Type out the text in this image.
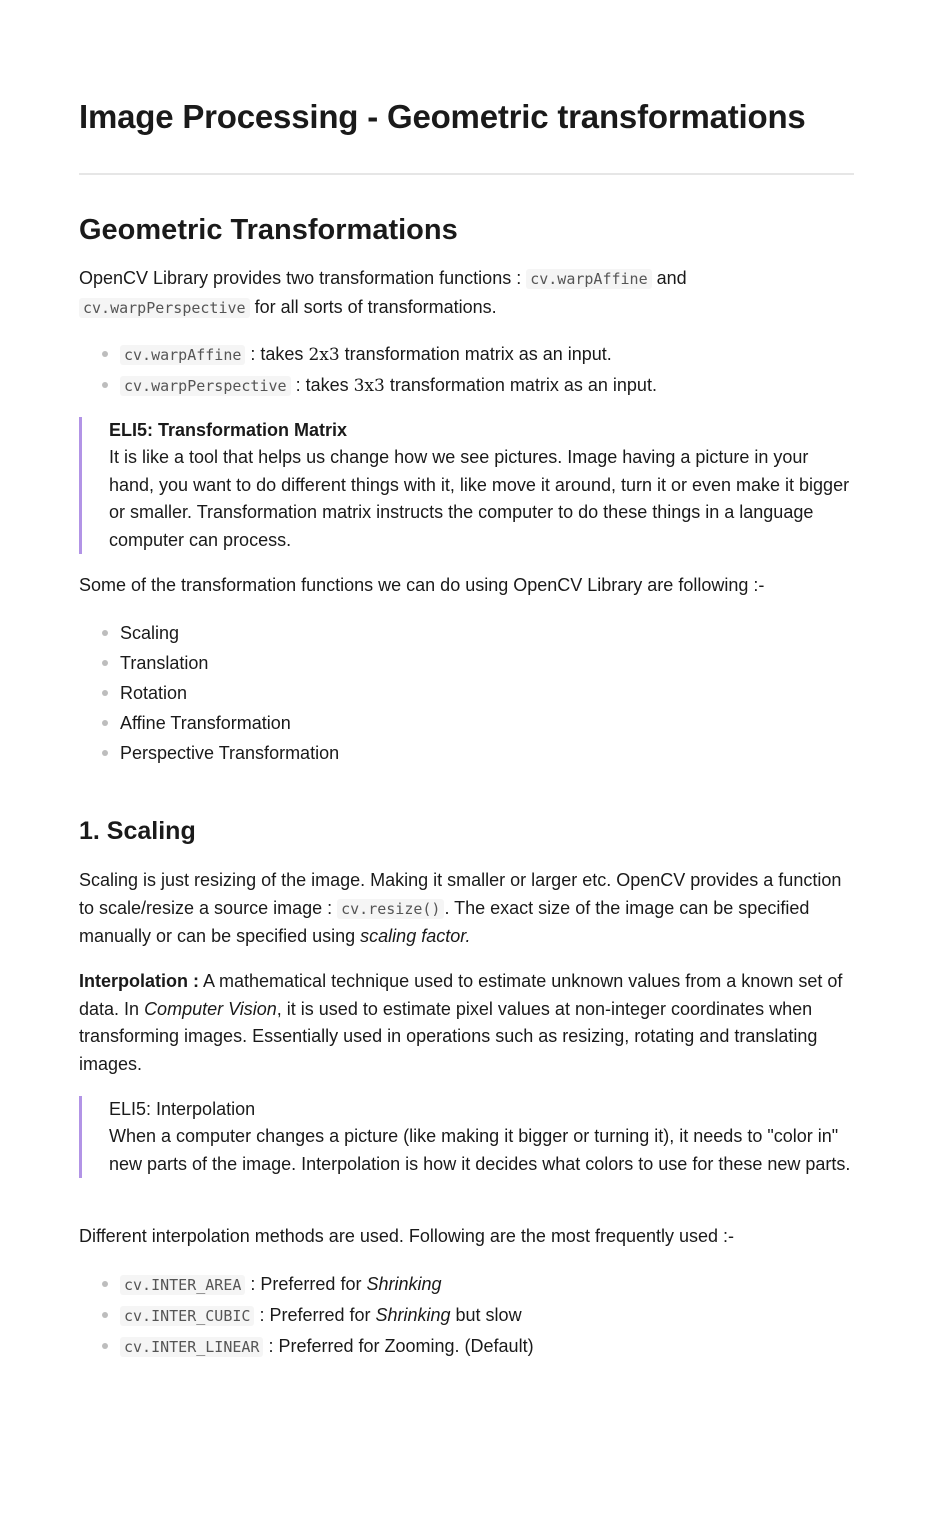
Image Processing - Geometric transformations
Geometric Transformations

OpenCV Library provides two transformation functions : cv.warpAffine and cv.warpPerspective for all sorts of transformations.

cv.warpAffine : takes 2x3 transformation matrix as an input.
cv.warpPerspective : takes 3x3 transformation matrix as an input.
ELI5: Transformation Matrix
It is like a tool that helps us change how we see pictures. Image having a picture in your hand, you want to do different things with it, like move it around, turn it or even make it bigger or smaller. Transformation matrix instructs the computer to do these things in a language computer can process.

Some of the transformation functions we can do using OpenCV Library are following :-

Scaling
Translation
Rotation
Affine Transformation
Perspective Transformation
1. Scaling

Scaling is just resizing of the image. Making it smaller or larger etc. OpenCV provides a function to scale/resize a source image : cv.resize() . The exact size of the image can be specified manually or can be specified using scaling factor.

Interpolation : A mathematical technique used to estimate unknown values from a known set of data. In Computer Vision, it is used to estimate pixel values at non-integer coordinates when transforming images. Essentially used in operations such as resizing, rotating and translating images.

ELI5: Interpolation
When a computer changes a picture (like making it bigger or turning it), it needs to "color in" new parts of the image. Interpolation is how it decides what colors to use for these new parts.

Different interpolation methods are used. Following are the most frequently used :-

cv.INTER_AREA : Preferred for Shrinking
cv.INTER_CUBIC : Preferred for Shrinking but slow
cv.INTER_LINEAR : Preferred for Zooming. (Default)
